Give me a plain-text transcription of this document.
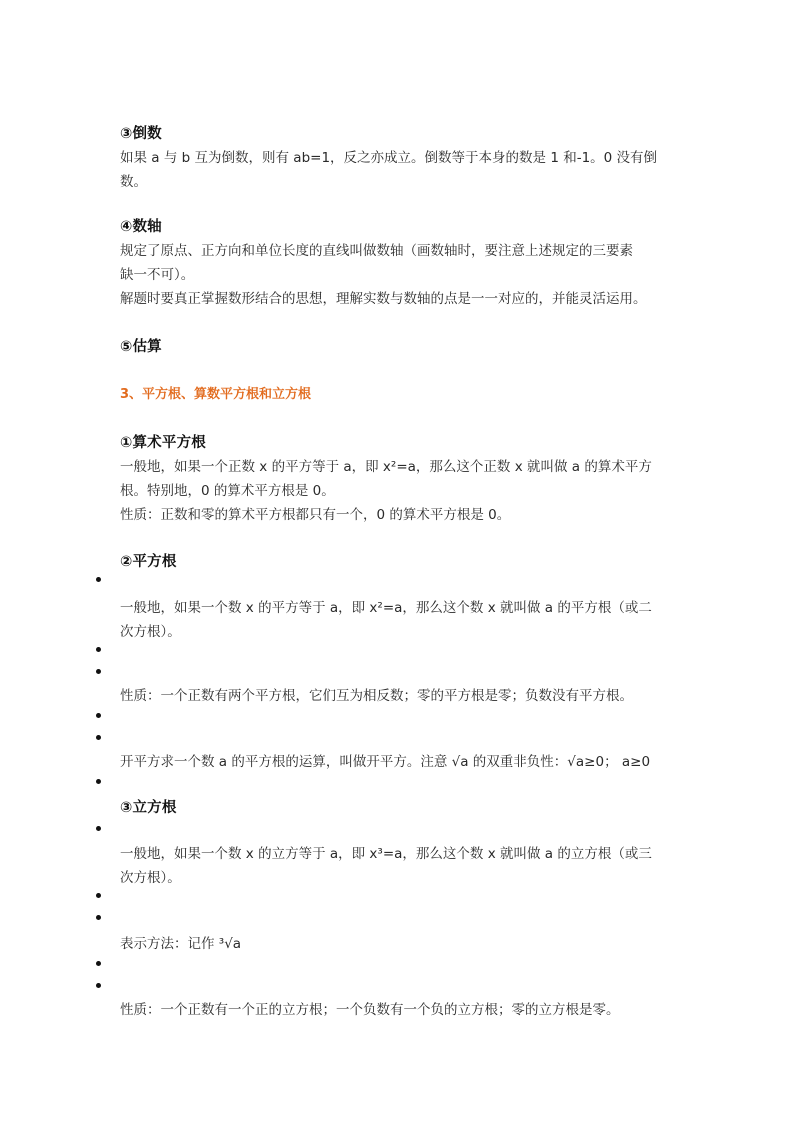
③倒数
如果 a 与 b 互为倒数，则有 ab=1，反之亦成立。倒数等于本身的数是 1 和-1。0 没有倒
数。
④数轴
规定了原点、正方向和单位长度的直线叫做数轴（画数轴时，要注意上述规定的三要素
缺一不可）。
解题时要真正掌握数形结合的思想，理解实数与数轴的点是一一对应的，并能灵活运用。
⑤估算
3、平方根、算数平方根和立方根
①算术平方根
一般地，如果一个正数 x 的平方等于 a，即 x²=a，那么这个正数 x 就叫做 a 的算术平方
根。特别地，0 的算术平方根是 0。
性质：正数和零的算术平方根都只有一个，0 的算术平方根是 0。
②平方根
一般地，如果一个数 x 的平方等于 a，即 x²=a，那么这个数 x 就叫做 a 的平方根（或二
次方根）。
性质：一个正数有两个平方根，它们互为相反数；零的平方根是零；负数没有平方根。
开平方求一个数 a 的平方根的运算，叫做开平方。注意 √a 的双重非负性：√a≥0； a≥0
③立方根
一般地，如果一个数 x 的立方等于 a，即 x³=a，那么这个数 x 就叫做 a 的立方根（或三
次方根）。
表示方法：记作 ³√a
性质：一个正数有一个正的立方根；一个负数有一个负的立方根；零的立方根是零。
